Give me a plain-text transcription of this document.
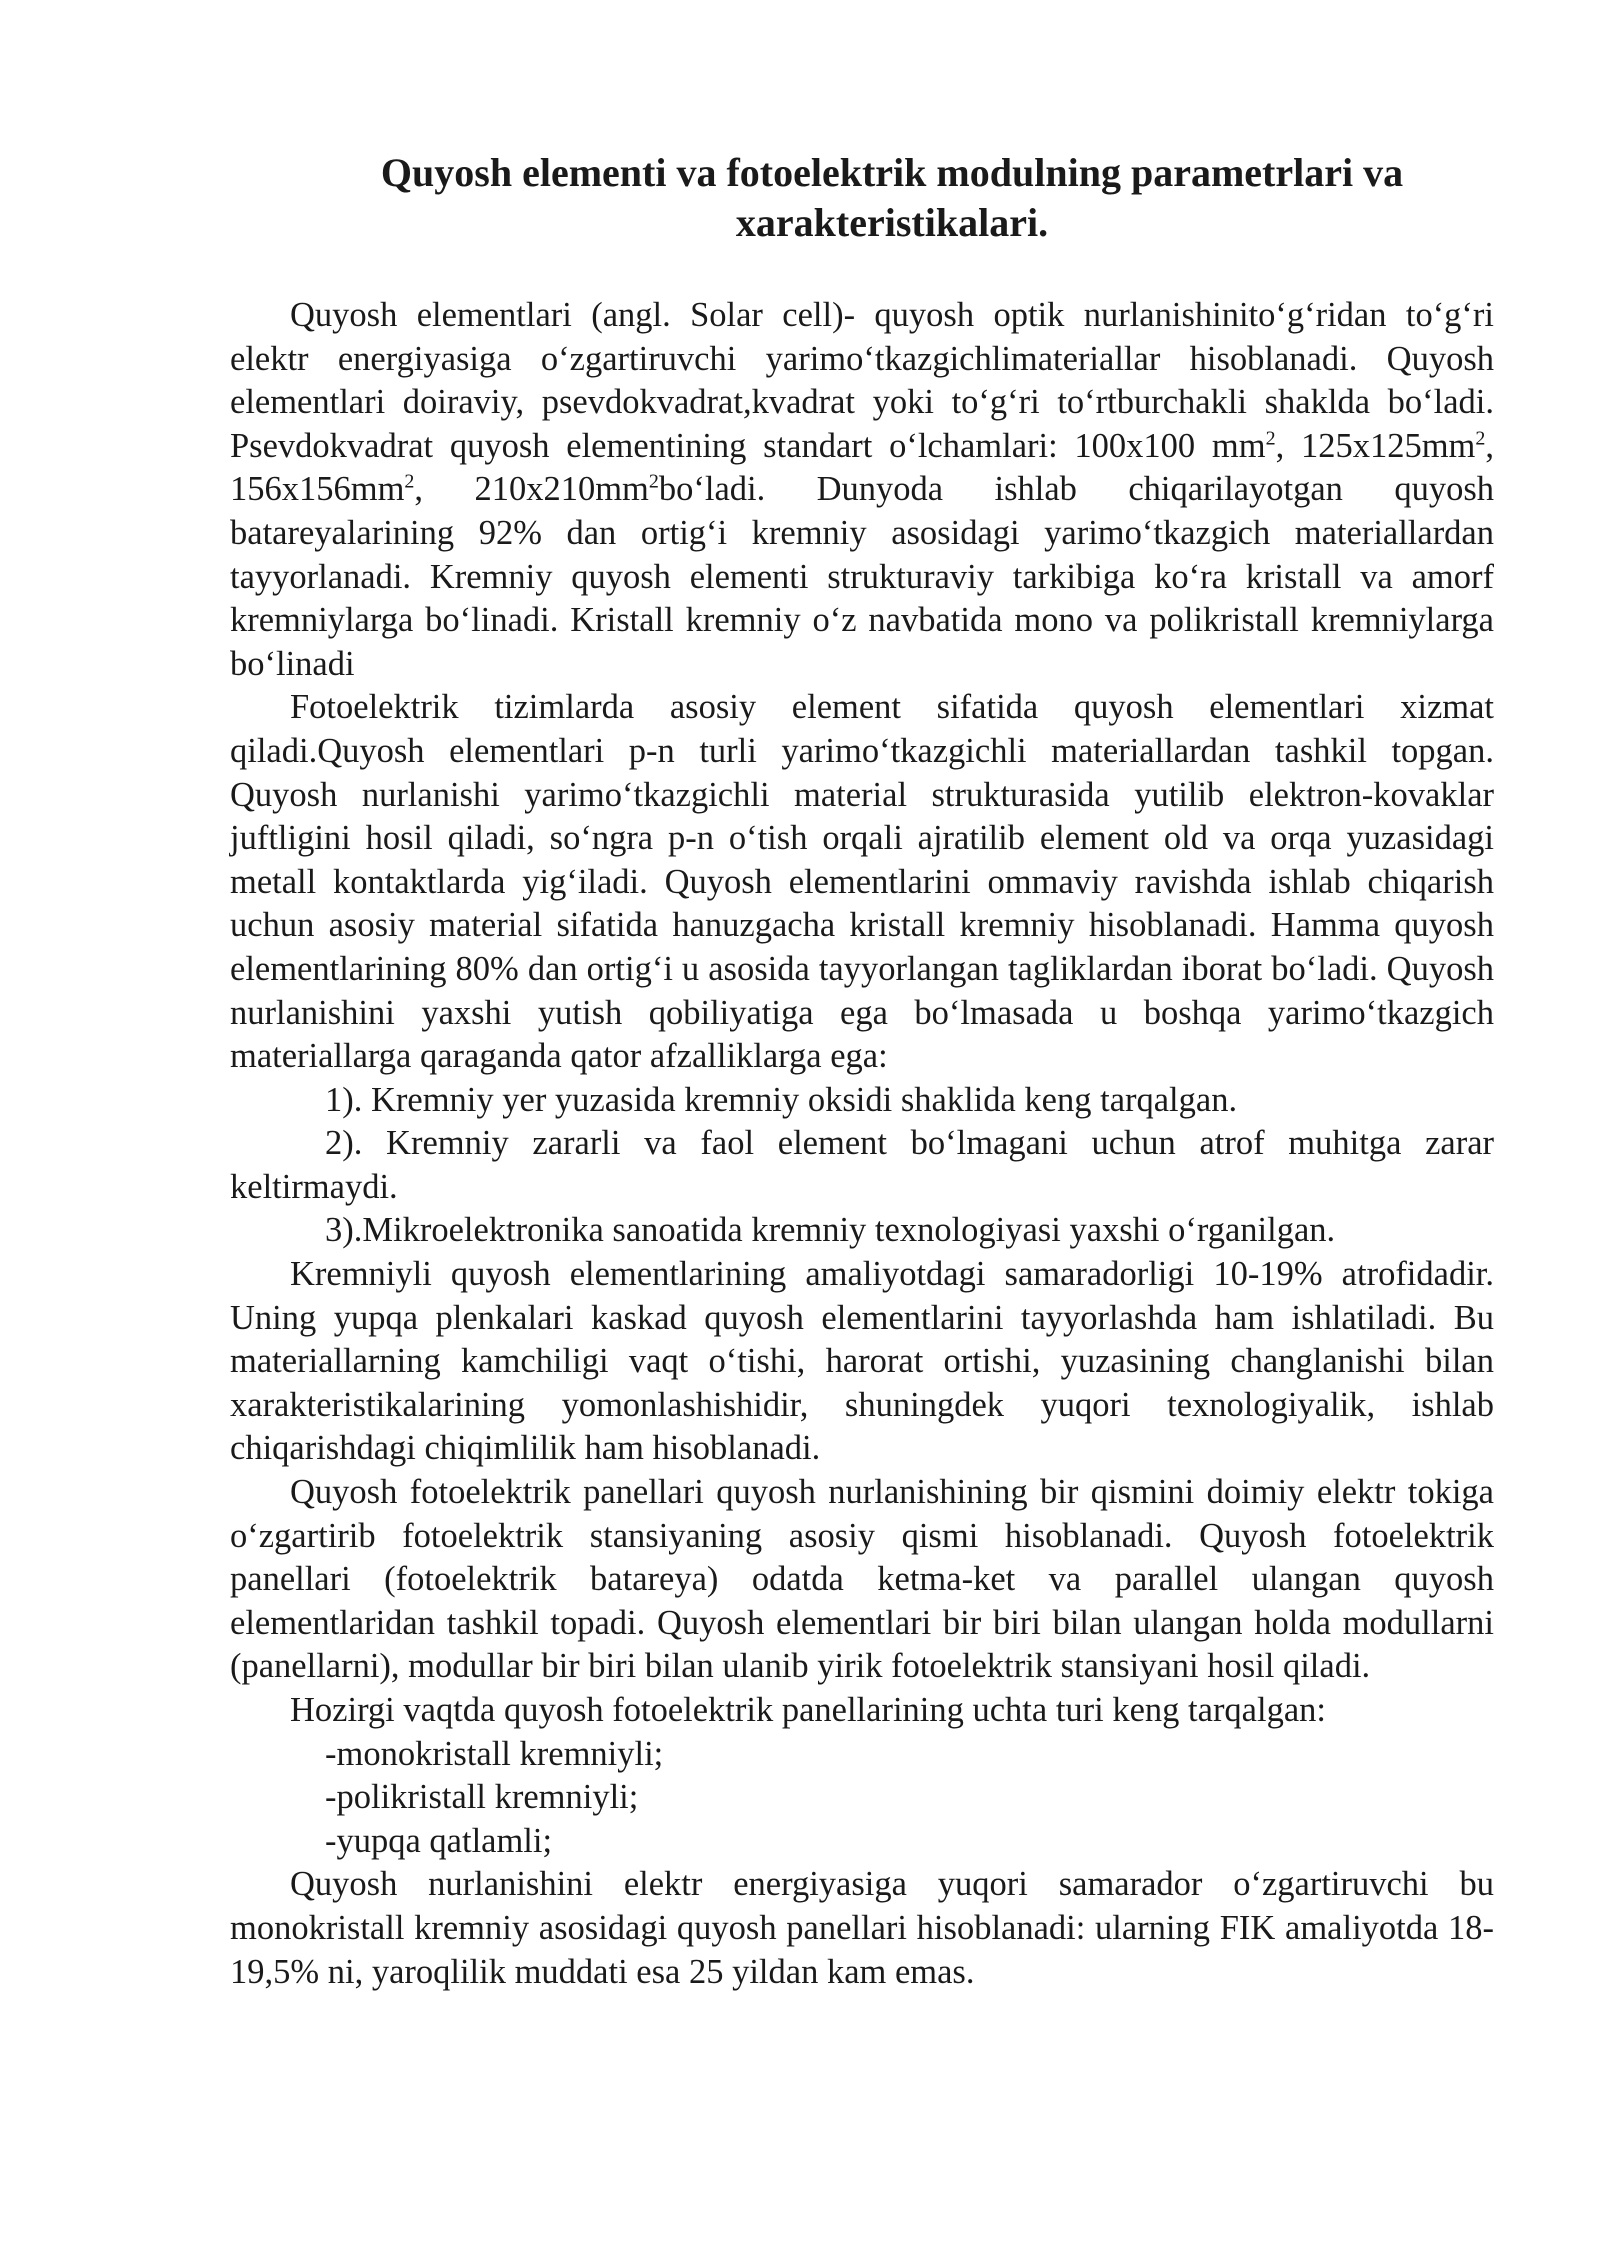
Quyosh elementi va fotoelektrik modulning parametrlari va
xarakteristikalari.

Quyosh elementlari (angl. Solar cell)- quyosh optik nurlanishinito‘g‘ridan to‘g‘ri elektr energiyasiga o‘zgartiruvchi yarimo‘tkazgichlimateriallar hisoblanadi. Quyosh elementlari doiraviy, psevdokvadrat,kvadrat yoki to‘g‘ri to‘rtburchakli shaklda bo‘ladi. Psevdokvadrat quyosh elementining standart o‘lchamlari: 100x100 $mm^2$, $125x125mm^2$, $156x156mm^2$, $210x210mm^2bo‘ladi$. Dunyoda ishlab chiqarilayotgan quyosh batareyalarining 92% dan ortig‘i kremniy asosidagi yarimo‘tkazgich materiallardan tayyorlanadi. Kremniy quyosh elementi strukturaviy tarkibiga ko‘ra kristall va amorf kremniylarga bo‘linadi. Kristall kremniy o‘z navbatida mono va polikristall kremniylarga bo‘linadi

Fotoelektrik tizimlarda asosiy element sifatida quyosh elementlari xizmat qiladi.Quyosh elementlari p-n turli yarimo‘tkazgichli materiallardan tashkil topgan. Quyosh nurlanishi yarimo‘tkazgichli material strukturasida yutilib elektron-kovaklar juftligini hosil qiladi, so‘ngra p-n o‘tish orqali ajratilib element old va orqa yuzasidagi metall kontaktlarda yig‘iladi. Quyosh elementlarini ommaviy ravishda ishlab chiqarish uchun asosiy material sifatida hanuzgacha kristall kremniy hisoblanadi. Hamma quyosh elementlarining 80% dan ortig‘i u asosida tayyorlangan tagliklardan iborat bo‘ladi. Quyosh nurlanishini yaxshi yutish qobiliyatiga ega bo‘lmasada u boshqa yarimo‘tkazgich materiallarga qaraganda qator afzalliklarga ega:

1). Kremniy yer yuzasida kremniy oksidi shaklida keng tarqalgan.

2). Kremniy zararli va faol element bo‘lmagani uchun atrof muhitga zarar keltirmaydi.

3).Mikroelektronika sanoatida kremniy texnologiyasi yaxshi o‘rganilgan.

Kremniyli quyosh elementlarining amaliyotdagi samaradorligi 10-19% atrofidadir. Uning yupqa plenkalari kaskad quyosh elementlarini tayyorlashda ham ishlatiladi. Bu materiallarning kamchiligi vaqt o‘tishi, harorat ortishi, yuzasining changlanishi bilan xarakteristikalarining yomonlashishidir, shuningdek yuqori texnologiyalik, ishlab chiqarishdagi chiqimlilik ham hisoblanadi.

Quyosh fotoelektrik panellari quyosh nurlanishining bir qismini doimiy elektr tokiga o‘zgartirib fotoelektrik stansiyaning asosiy qismi hisoblanadi. Quyosh fotoelektrik panellari (fotoelektrik batareya) odatda ketma-ket va parallel ulangan quyosh elementlaridan tashkil topadi. Quyosh elementlari bir biri bilan ulangan holda modullarni (panellarni), modullar bir biri bilan ulanib yirik fotoelektrik stansiyani hosil qiladi.

Hozirgi vaqtda quyosh fotoelektrik panellarining uchta turi keng tarqalgan:

-monokristall kremniyli;

-polikristall kremniyli;

-yupqa qatlamli;

Quyosh nurlanishini elektr energiyasiga yuqori samarador o‘zgartiruvchi bu monokristall kremniy asosidagi quyosh panellari hisoblanadi: ularning FIK amaliyotda 18-19,5% ni, yaroqlilik muddati esa 25 yildan kam emas.
